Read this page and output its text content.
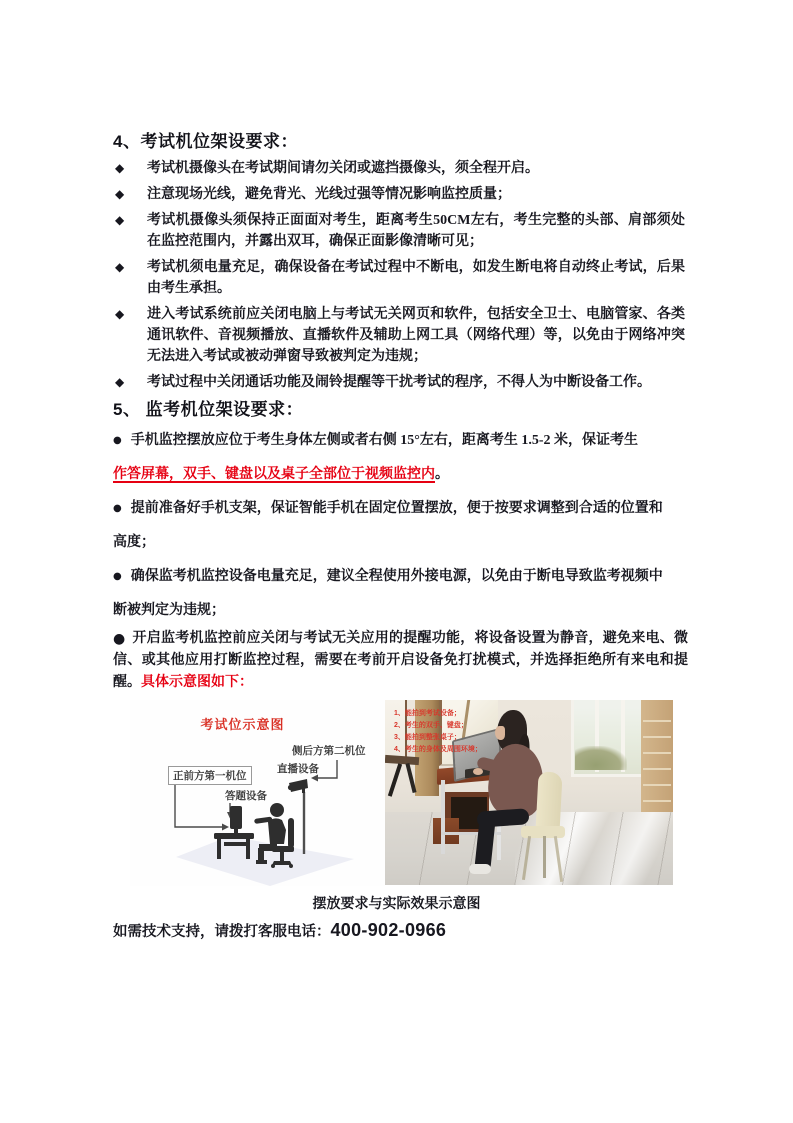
4、考试机位架设要求：
◆ 考试机摄像头在考试期间请勿关闭或遮挡摄像头，须全程开启。
◆ 注意现场光线，避免背光、光线过强等情况影响监控质量；
◆ 考试机摄像头须保持正面面对考生，距离考生50CM左右，考生完整的头部、肩部须处在监控范围内，并露出双耳，确保正面影像清晰可见；
◆ 考试机须电量充足，确保设备在考试过程中不断电，如发生断电将自动终止考试，后果由考生承担。
◆ 进入考试系统前应关闭电脑上与考试无关网页和软件，包括安全卫士、电脑管家、各类通讯软件、音视频播放、直播软件及辅助上网工具（网络代理）等，以免由于网络冲突无法进入考试或被动弹窗导致被判定为违规；
◆ 考试过程中关闭通话功能及闹铃提醒等干扰考试的程序，不得人为中断设备工作。
5、 监考机位架设要求：
● 手机监控摆放应位于考生身体左侧或者右侧 15°左右，距离考生 1.5-2 米，保证考生
作答屏幕，双手、键盘以及桌子全部位于视频监控内。
● 提前准备好手机支架，保证智能手机在固定位置摆放，便于按要求调整到合适的位置和
高度；
● 确保监考机监控设备电量充足，建议全程使用外接电源，以免由于断电导致监考视频中
断被判定为违规；
● 开启监考机监控前应关闭与考试无关应用的提醒功能，将设备设置为静音，避免来电、微信、或其他应用打断监控过程，需要在考前开启设备免打扰模式，并选择拒绝所有来电和提醒。具体示意图如下：
考试位示意图
侧后方第二机位
直播设备
正前方第一机位
答题设备
1、能拍到考试设备；
2、考生的双手、键盘；
3、能拍到整张桌子；
4、考生的身体及周围环境；
摆放要求与实际效果示意图
如需技术支持，请拨打客服电话：400-902-0966
